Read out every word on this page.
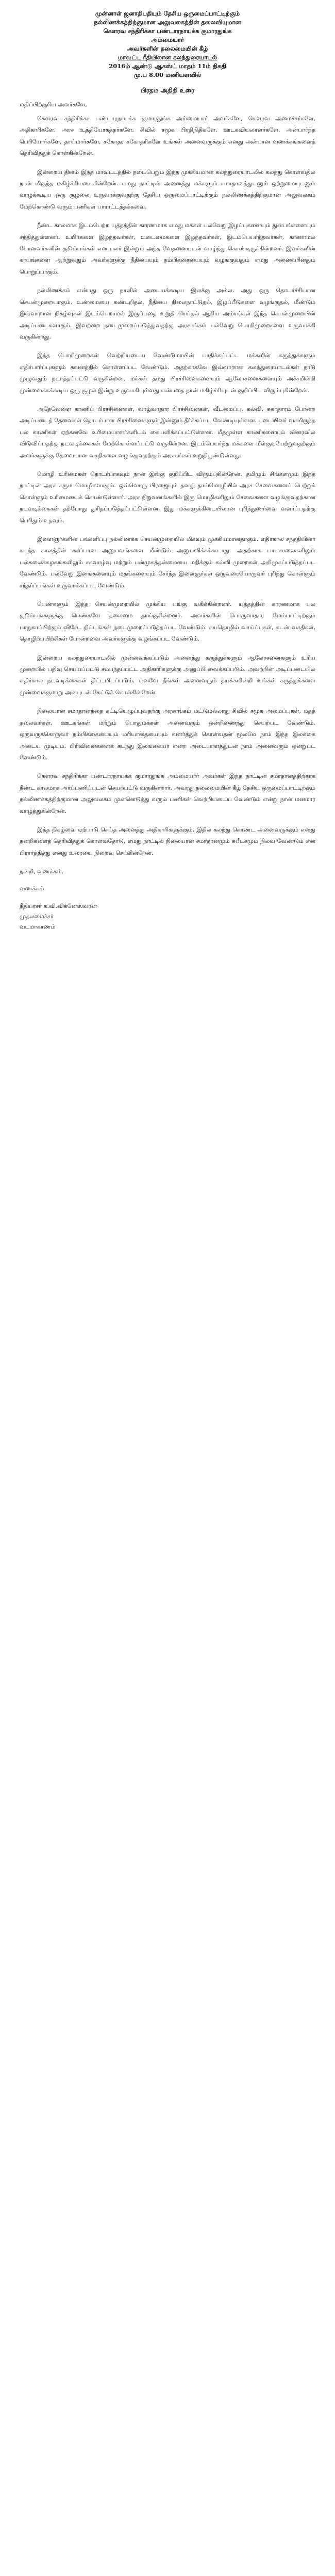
முன்னாள் ஜனாதிபதியும் தேசிய ஒருமைப்பாட்டிற்கும்
நல்லிணக்கத்திற்குமான அலுவலகத்தின் தலைவியுமான
கௌரவ சந்திரிக்கா பண்டாரநாயக்க குமாரதுங்க
அம்மையார்
அவர்களின் தலைமையின் கீழ்
மாவட்ட ரீதியிலான கலந்துரையாடல்
2016ம் ஆண்டு ஆகஸ்ட் மாதம் 11ம் திகதி
மு.ப 8.00 மணியளவில்
பிரதம அதிதி உரை
மதிப்பிற்குரிய அவர்களே,

கௌரவ சந்திரிக்கா பண்டாரநாயக்க குமாரதுங்க அம்மையார் அவர்களே, கௌரவ அமைச்சர்களே, அதிகாரிகளே, அரச உத்தியோகத்தர்களே, சிவில் சமூக பிரதிநிதிகளே, ஊடகவியலாளர்களே, அன்பார்ந்த பெரியோர்களே, தாய்மார்களே, சகோதர சகோதரிகளே உங்கள் அனைவருக்கும் எனது அன்பான வணக்கங்களைத் தெரிவித்துக் கொள்கின்றேன்.

இன்றைய தினம் இந்த மாவட்டத்தில் நடைபெறும் இந்த முக்கியமான கலந்துரையாடலில் கலந்து கொள்வதில் நான் மிகுந்த மகிழ்ச்சியடைகின்றேன். எமது நாட்டின் அனைத்து மக்களும் சமாதானத்துடனும் ஒற்றுமையுடனும் வாழக்கூடிய ஒரு சூழலை உருவாக்குவதற்கு தேசிய ஒருமைப்பாட்டிற்கும் நல்லிணக்கத்திற்குமான அலுவலகம் மேற்கொண்டு வரும் பணிகள் பாராட்டத்தக்கவை.

நீண்ட காலமாக இடம்பெற்ற யுத்தத்தின் காரணமாக எமது மக்கள் பல்வேறு இழப்புகளையும் துன்பங்களையும் சந்தித்துள்ளனர். உயிர்களை இழந்தவர்கள், உடைமைகளை இழந்தவர்கள், இடம்பெயர்ந்தவர்கள், காணாமல் போனவர்களின் குடும்பங்கள் என பலர் இன்றும் அந்த வேதனையுடன் வாழ்ந்து கொண்டிருக்கின்றனர். இவர்களின் காயங்களை ஆற்றுவதும் அவர்களுக்கு நீதியையும் நம்பிக்கையையும் வழங்குவதும் எமது அனைவரினதும் பொறுப்பாகும்.

நல்லிணக்கம் என்பது ஒரு நாளில் அடையக்கூடிய இலக்கு அல்ல. அது ஒரு தொடர்ச்சியான செயன்முறையாகும். உண்மையை கண்டறிதல், நீதியை நிலைநாட்டுதல், இழப்பீடுகளை வழங்குதல், மீண்டும் இவ்வாறான நிகழ்வுகள் இடம்பெறாமல் இருப்பதை உறுதி செய்தல் ஆகிய அம்சங்கள் இந்த செயன்முறையின் அடிப்படைகளாகும். இவற்றை நடைமுறைப்படுத்துவதற்கு அரசாங்கம் பல்வேறு பொறிமுறைகளை உருவாக்கி வருகின்றது.

இந்த பொறிமுறைகள் வெற்றியடைய வேண்டுமாயின் பாதிக்கப்பட்ட மக்களின் கருத்துக்களும் எதிர்பார்ப்புகளும் கவனத்தில் கொள்ளப்பட வேண்டும். அதற்காகவே இவ்வாறான கலந்துரையாடல்கள் நாடு முழுவதும் நடாத்தப்பட்டு வருகின்றன. மக்கள் தமது பிரச்சினைகளையும் ஆலோசனைகளையும் அச்சமின்றி முன்வைக்கக்கூடிய ஒரு சூழல் இன்று உருவாகியுள்ளது என்பதை நான் மகிழ்ச்சியுடன் குறிப்பிட விரும்புகின்றேன்.

அதேவேளை காணிப் பிரச்சினைகள், வாழ்வாதார பிரச்சினைகள், வீடமைப்பு, கல்வி, சுகாதாரம் போன்ற அடிப்படைத் தேவைகள் தொடர்பான பிரச்சினைகளும் இன்னும் தீர்க்கப்பட வேண்டியுள்ளன. படையினர் வசமிருந்த பல காணிகள் ஏற்கனவே உரிமையாளர்களிடம் கையளிக்கப்பட்டுள்ளன. மீதமுள்ள காணிகளையும் விரைவில் விடுவிப்பதற்கு நடவடிக்கைகள் மேற்கொள்ளப்பட்டு வருகின்றன. இடம்பெயர்ந்த மக்களை மீள்குடியேற்றுவதற்கும் அவர்களுக்கு தேவையான வசதிகளை வழங்குவதற்கும் அரசாங்கம் உறுதிபூண்டுள்ளது.

மொழி உரிமைகள் தொடர்பாகவும் நான் இங்கு குறிப்பிட விரும்புகின்றேன். தமிழும் சிங்களமும் இந்த நாட்டின் அரச கரும மொழிகளாகும். ஒவ்வொரு பிரஜையும் தனது தாய்மொழியில் அரச சேவைகளைப் பெற்றுக் கொள்ளும் உரிமையைக் கொண்டுள்ளார். அரச நிறுவனங்களில் இரு மொழிகளிலும் சேவைகளை வழங்குவதற்கான நடவடிக்கைகள் தற்போது துரிதப்படுத்தப்பட்டுள்ளன. இது மக்களுக்கிடையிலான புரிந்துணர்வை வளர்ப்பதற்கு பெரிதும் உதவும்.

இளைஞர்களின் பங்களிப்பு நல்லிணக்க செயன்முறையில் மிகவும் முக்கியமானதாகும். எதிர்கால சந்ததியினர் கடந்த காலத்தின் கசப்பான அனுபவங்களை மீண்டும் அனுபவிக்கக்கூடாது. அதற்காக பாடசாலைகளிலும் பல்கலைக்கழகங்களிலும் சகவாழ்வு மற்றும் பன்முகத்தன்மையை மதிக்கும் கல்வி முறைகள் அறிமுகப்படுத்தப்பட வேண்டும். பல்வேறு இனங்களையும் மதங்களையும் சேர்ந்த இளைஞர்கள் ஒருவரையொருவர் புரிந்து கொள்ளும் சந்தர்ப்பங்கள் உருவாக்கப்பட வேண்டும்.

பெண்களும் இந்த செயன்முறையில் முக்கிய பங்கு வகிக்கின்றனர். யுத்தத்தின் காரணமாக பல குடும்பங்களுக்கு பெண்களே தலைமை தாங்குகின்றனர். அவர்களின் பொருளாதார மேம்பாட்டிற்கும் பாதுகாப்பிற்கும் விசேட திட்டங்கள் நடைமுறைப்படுத்தப்பட வேண்டும். சுயதொழில் வாய்ப்புகள், கடன் வசதிகள், தொழிற்பயிற்சிகள் போன்றவை அவர்களுக்கு வழங்கப்பட வேண்டும்.

இன்றைய கலந்துரையாடலில் முன்வைக்கப்படும் அனைத்து கருத்துக்களும் ஆலோசனைகளும் உரிய முறையில் பதிவு செய்யப்பட்டு சம்பந்தப்பட்ட அதிகாரிகளுக்கு அனுப்பி வைக்கப்படும். அவற்றின் அடிப்படையில் எதிர்கால நடவடிக்கைகள் திட்டமிடப்படும். எனவே நீங்கள் அனைவரும் தயக்கமின்றி உங்கள் கருத்துக்களை முன்வைக்குமாறு அன்புடன் கேட்டுக் கொள்கின்றேன்.

நிலையான சமாதானத்தை கட்டியெழுப்புவதற்கு அரசாங்கம் மட்டுமல்லாது சிவில் சமூக அமைப்புகள், மதத் தலைவர்கள், ஊடகங்கள் மற்றும் பொதுமக்கள் அனைவரும் ஒன்றிணைந்து செயற்பட வேண்டும். ஒருவருக்கொருவர் நம்பிக்கையையும் மரியாதையையும் வளர்த்துக் கொள்வதன் மூலமே நாம் இந்த இலக்கை அடைய முடியும். பிரிவினைகளைக் கடந்து இலங்கையர் என்ற அடையாளத்துடன் நாம் அனைவரும் ஒன்றுபட வேண்டும்.

கௌரவ சந்திரிக்கா பண்டாரநாயக்க குமாரதுங்க அம்மையார் அவர்கள் இந்த நாட்டின் சமாதானத்திற்காக நீண்ட காலமாக அர்ப்பணிப்புடன் செயற்பட்டு வருகின்றார். அவரது தலைமையின் கீழ் தேசிய ஒருமைப்பாட்டிற்கும் நல்லிணக்கத்திற்குமான அலுவலகம் முன்னெடுத்து வரும் பணிகள் வெற்றியடைய வேண்டும் என்று நான் மனமார வாழ்த்துகின்றேன்.

இந்த நிகழ்வை ஏற்பாடு செய்த அனைத்து அதிகாரிகளுக்கும், இதில் கலந்து கொண்ட அனைவருக்கும் எனது நன்றிகளைத் தெரிவித்துக் கொள்வதோடு, எமது நாட்டில் நிலையான சமாதானமும் சுபீட்சமும் நிலவ வேண்டும் என பிரார்த்தித்து எனது உரையை நிறைவு செய்கின்றேன்.

நன்றி, வணக்கம்.
வணக்கம்.
நீதியரசர் க.வி.விக்னேஸ்வரன்
முதலமைச்சர்
வடமாகாணம்
